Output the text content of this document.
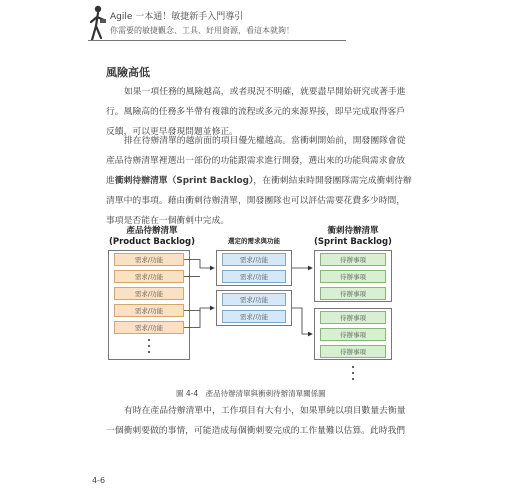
Agile 一本通！敏捷新手入門導引
你需要的敏捷觀念、工具、好用資源，看這本就夠！
風險高低
如果一項任務的風險越高，或者現況不明確，就要盡早開始研究或著手進
行。風險高的任務多半帶有複雜的流程或多元的來源界接，即早完成取得客戶
反饋，可以更早發現問題並修正。
排在待辦清單的越前面的項目優先權越高。當衝刺開始前，開發團隊會從
產品待辦清單裡選出一部份的功能跟需求進行開發，選出來的功能與需求會放
進衝刺待辦清單（Sprint Backlog），在衝刺結束時開發團隊需完成衝刺待辦
清單中的事項。藉由衝刺待辦清單，開發團隊也可以評估需要花費多少時間，
事項是否能在一個衝刺中完成。
產品待辦清單
(Product Backlog)	選定的需求與功能
衝刺待辦清單
(Sprint Backlog)
需求/功能
需求/功能
需求/功能
需求/功能
需求/功能
需求/功能
需求/功能
需求/功能
需求/功能
待辦事項
待辦事項
待辦事項
待辦事項
待辦事項
待辦事項
圖 4-4　產品待辦清單與衝刺待辦清單關係圖
有時在產品待辦清單中，工作項目有大有小，如果單純以項目數量去衡量
一個衝刺要做的事情，可能造成每個衝刺要完成的工作量難以估算。此時我們
4-6
